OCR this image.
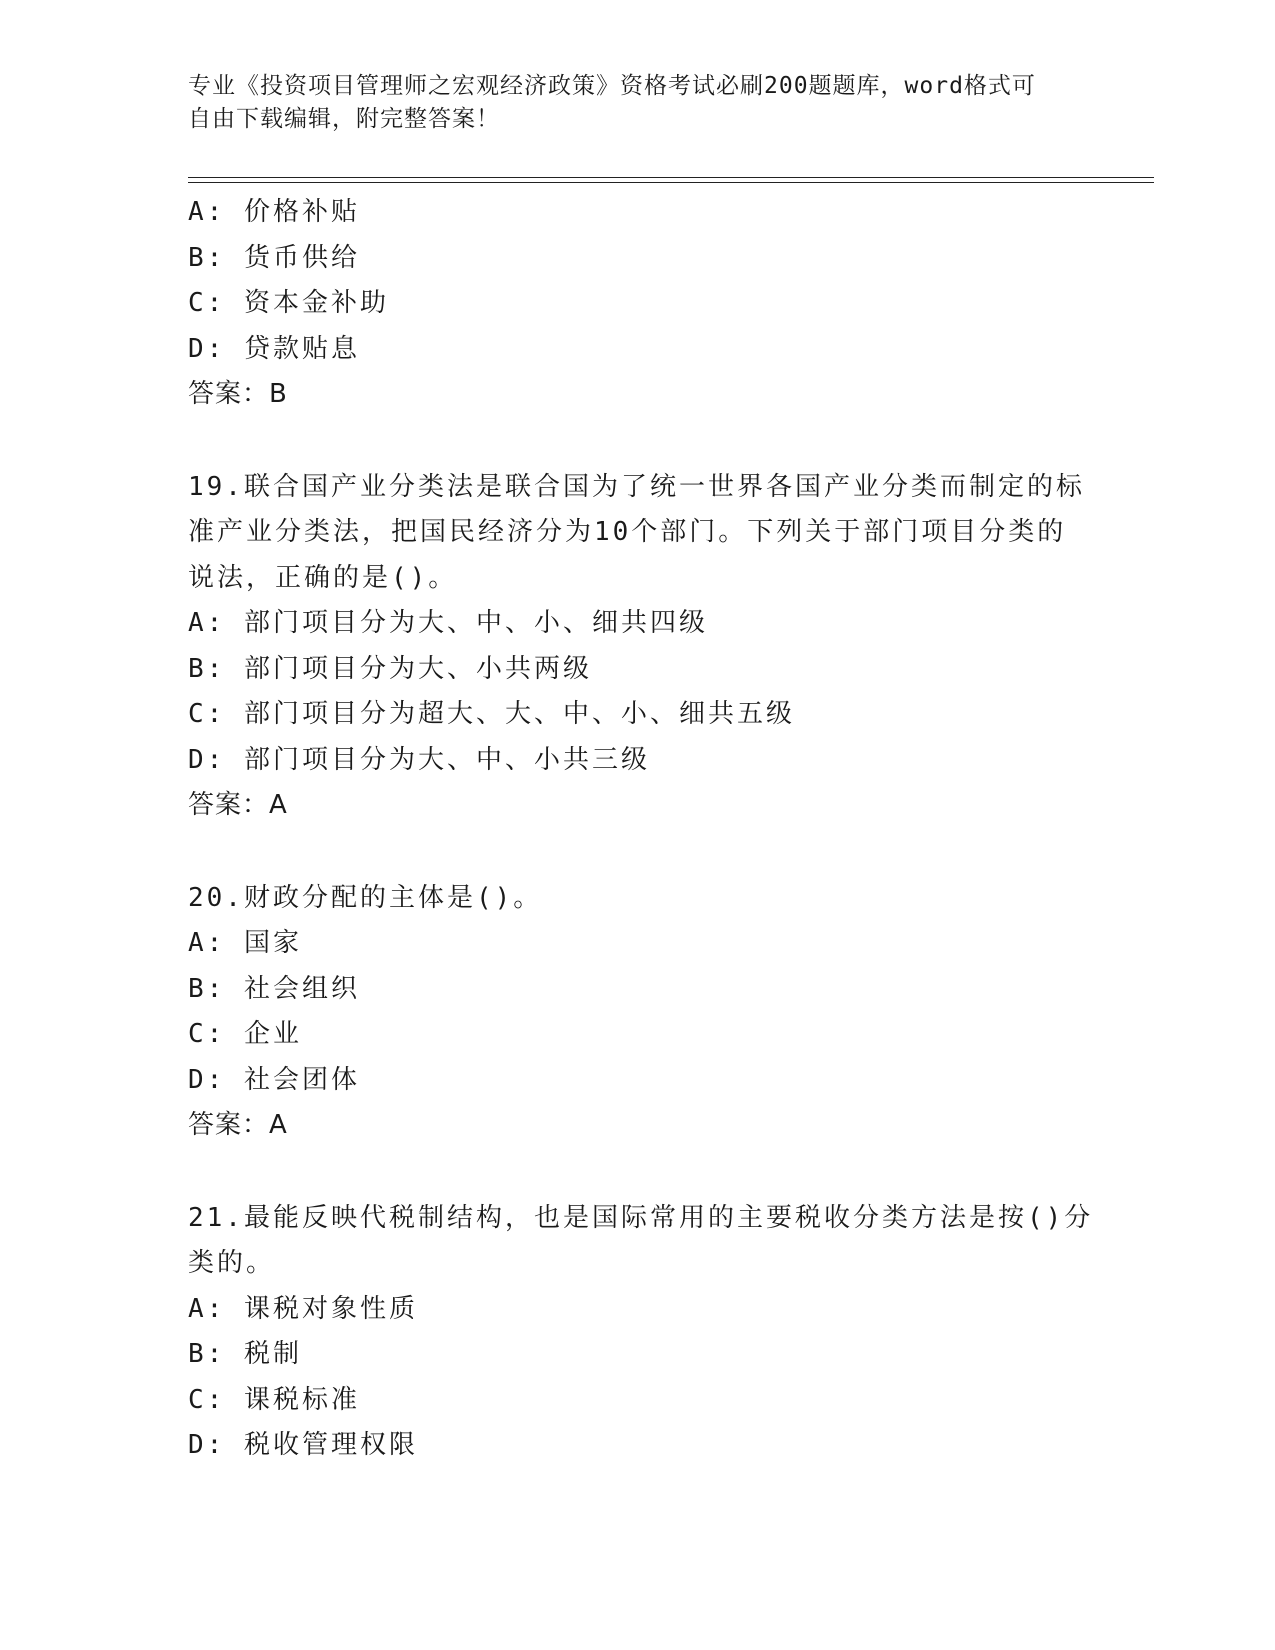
专业《投资项目管理师之宏观经济政策》资格考试必刷200题题库，word格式可
自由下载编辑，附完整答案！
A: 价格补贴
B: 货币供给
C: 资本金补助
D: 贷款贴息
答案：B
19.联合国产业分类法是联合国为了统一世界各国产业分类而制定的标
准产业分类法，把国民经济分为10个部门。下列关于部门项目分类的
说法，正确的是()。
A: 部门项目分为大、中、小、细共四级
B: 部门项目分为大、小共两级
C: 部门项目分为超大、大、中、小、细共五级
D: 部门项目分为大、中、小共三级
答案：A
20.财政分配的主体是()。
A: 国家
B: 社会组织
C: 企业
D: 社会团体
答案：A
21.最能反映代税制结构，也是国际常用的主要税收分类方法是按()分
类的。
A: 课税对象性质
B: 税制
C: 课税标准
D: 税收管理权限
